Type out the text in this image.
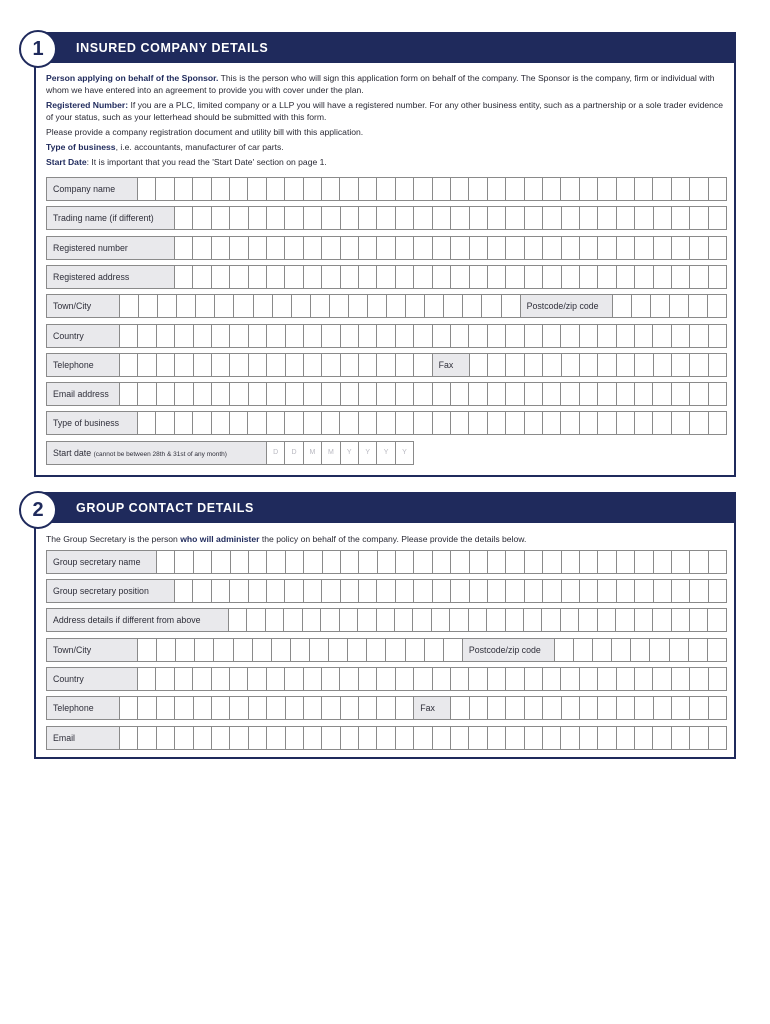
1	INSURED COMPANY DETAILS

Person applying on behalf of the Sponsor. This is the person who will sign this application form on behalf of the company. The Sponsor is the company, firm or individual with whom we have entered into an agreement to provide you with cover under the plan.

Registered Number: If you are a PLC, limited company or a LLP you will have a registered number. For any other business entity, such as a partnership or a sole trader evidence of your status, such as your letterhead should be submitted with this form.

Please provide a company registration document and utility bill with this application.

Type of business, i.e. accountants, manufacturer of car parts.

Start Date: It is important that you read the 'Start Date' section on page 1.

Company name
Trading name (if different)
Registered number
Registered address
Town/City	Postcode/zip code
Country
Telephone	Fax
Email address
Type of business
Start date (cannot be between 28th & 31st of any month)	D	D	M	M	Y	Y	Y	Y
2	GROUP CONTACT DETAILS

The Group Secretary is the person who will administer the policy on behalf of the company. Please provide the details below.

Group secretary name
Group secretary position
Address details if different from above
Town/City	Postcode/zip code
Country
Telephone	Fax
Email
